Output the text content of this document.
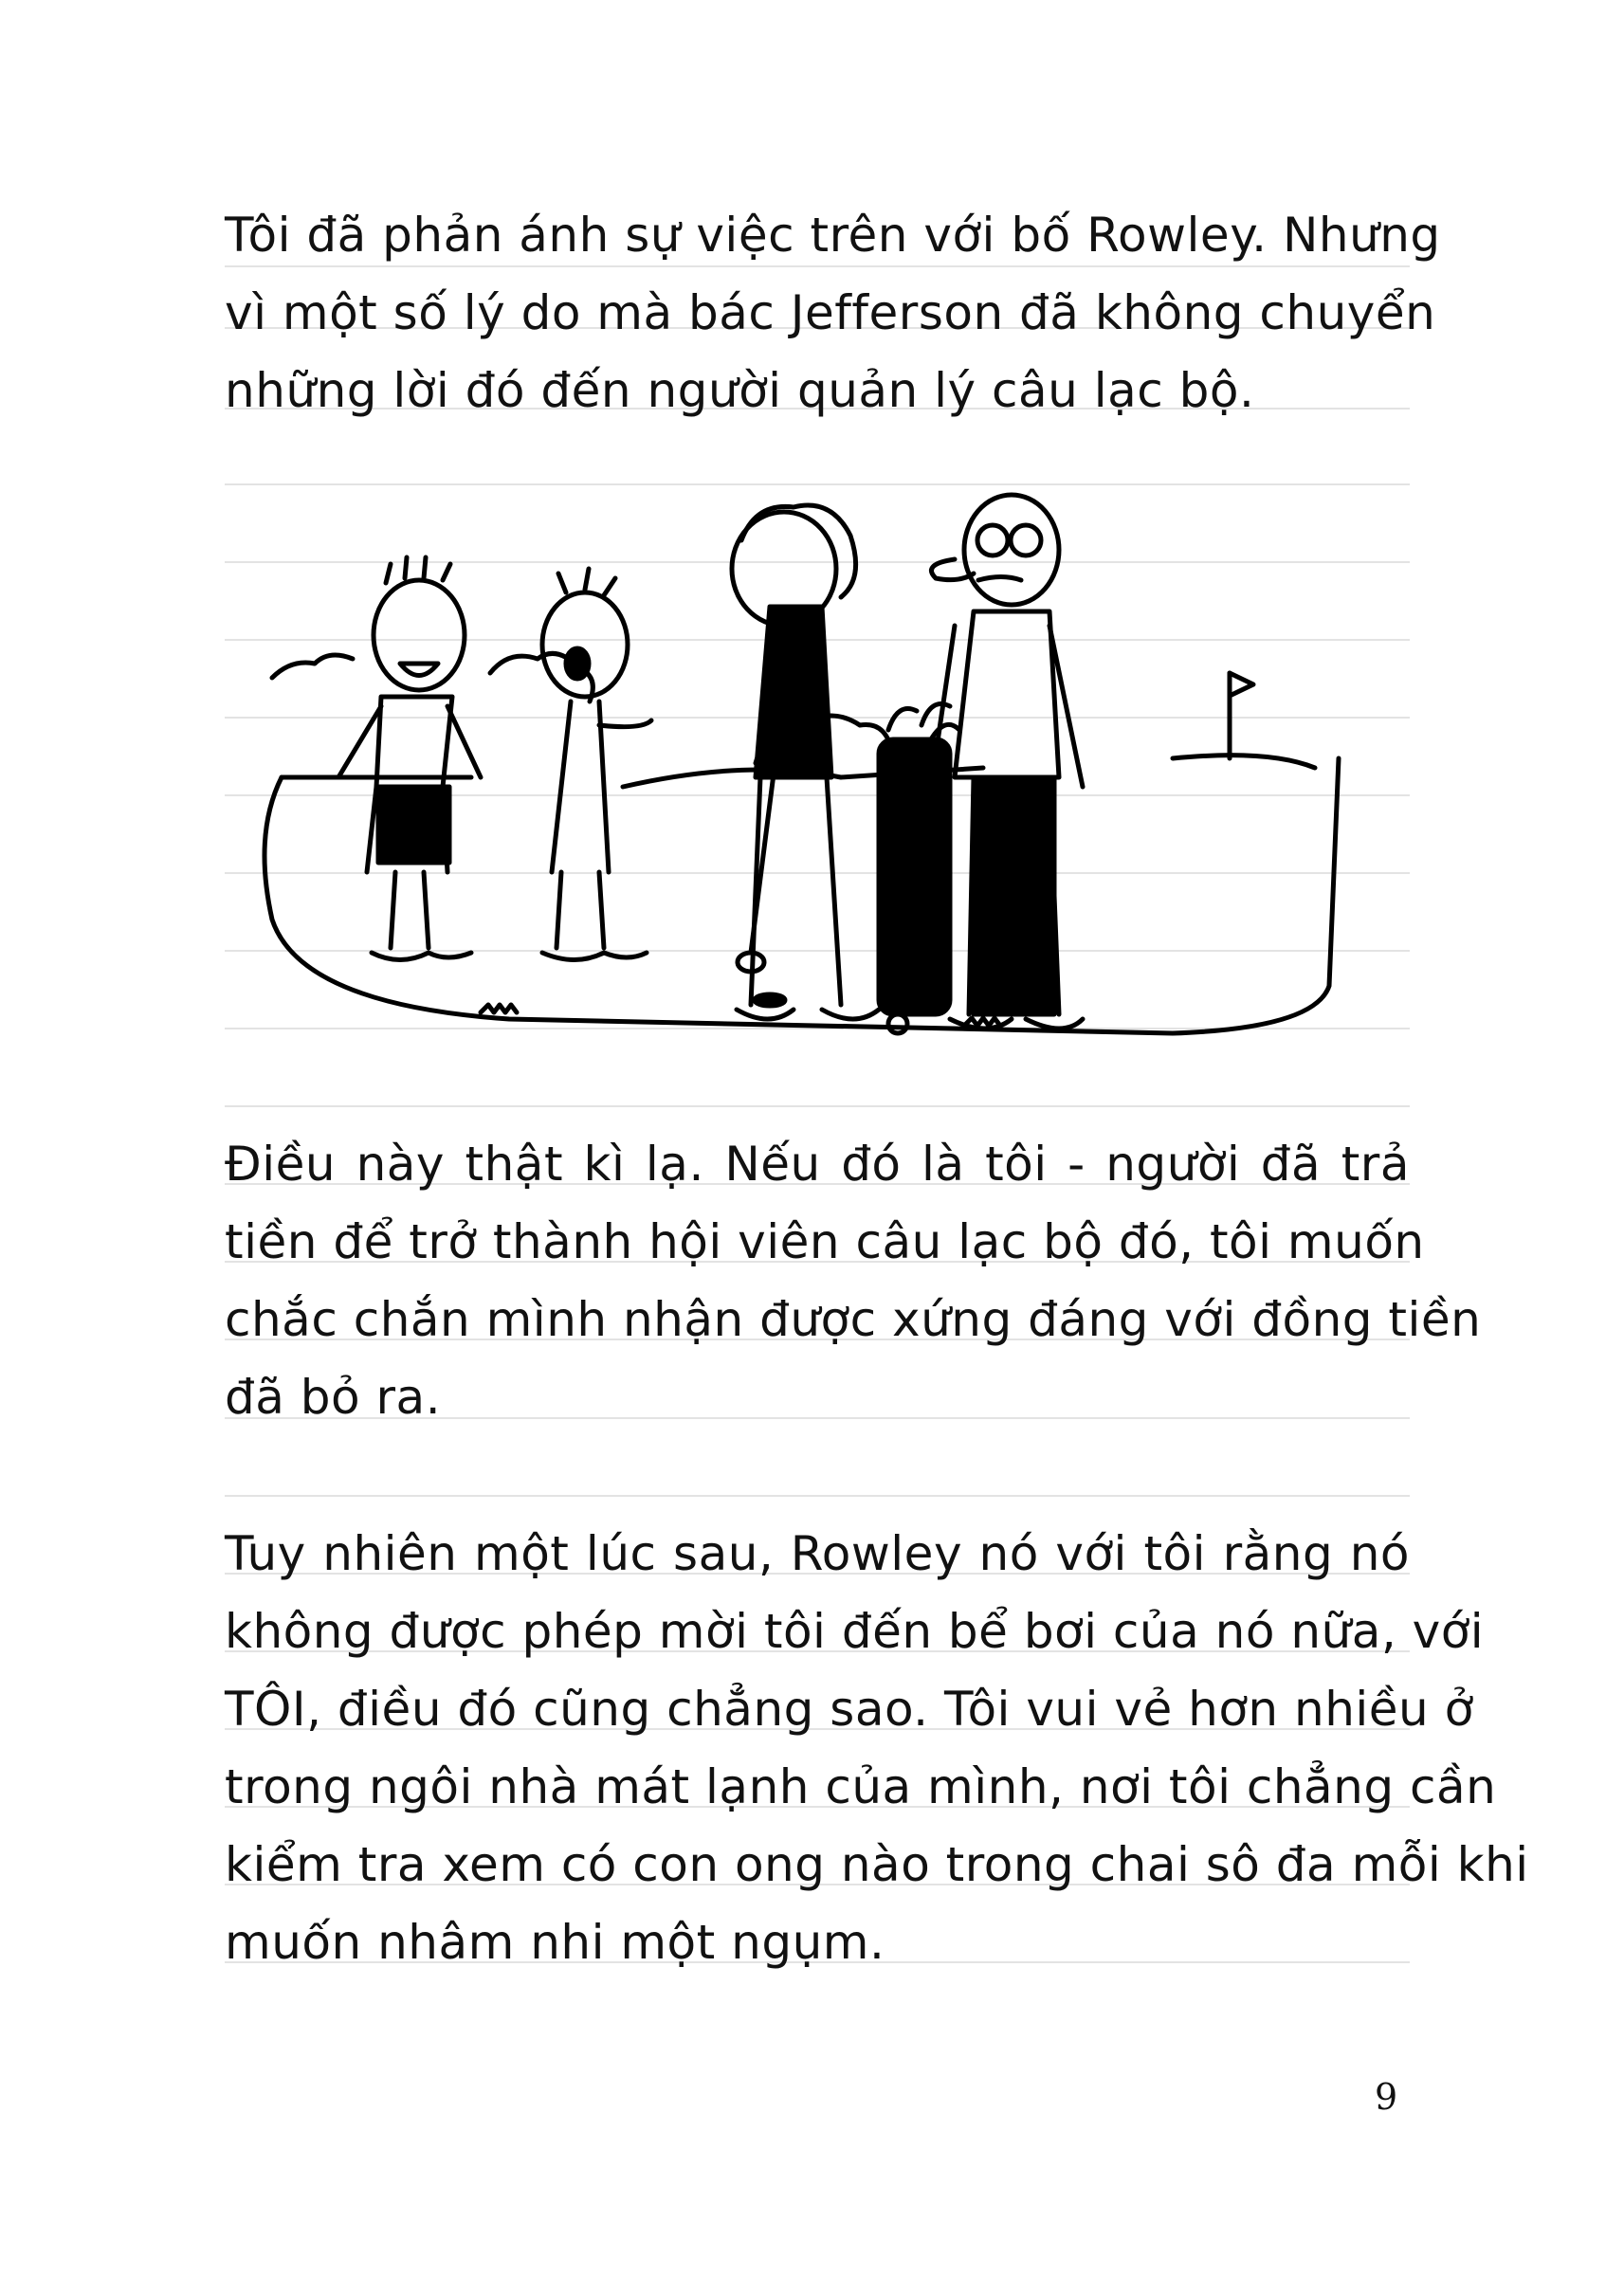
Tôi đã phản ánh sự việc trên với bố Rowley. Nhưng
vì một số lý do mà bác Jefferson đã không chuyển
những lời đó đến người quản lý câu lạc bộ.
Điều này thật kì lạ. Nếu đó là tôi - người đã trả
tiền để trở thành hội viên câu lạc bộ đó, tôi muốn
chắc chắn mình nhận được xứng đáng với đồng tiền
đã bỏ ra.
Tuy nhiên một lúc sau, Rowley nó với tôi rằng nó
không được phép mời tôi đến bể bơi của nó nữa, với
TÔI, điều đó cũng chẳng sao. Tôi vui vẻ hơn nhiều ở
trong ngôi nhà mát lạnh của mình, nơi tôi chẳng cần
kiểm tra xem có con ong nào trong chai sô đa mỗi khi
muốn nhâm nhi một ngụm.
9
